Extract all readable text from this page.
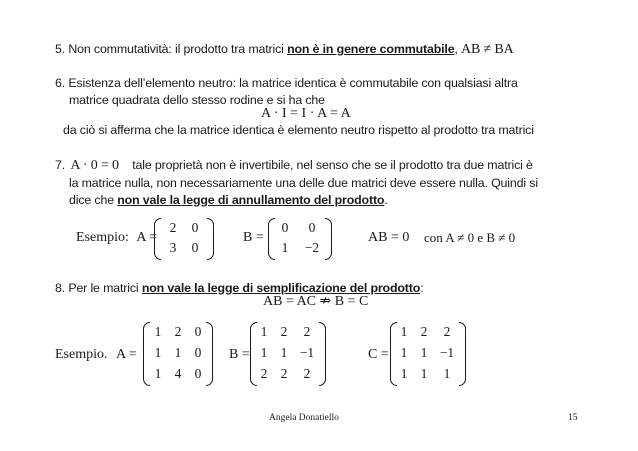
5. Non commutatività: il prodotto tra matrici non è in genere commutabile, AB ≠ BA
6. Esistenza dell’elemento neutro: la matrice identica è commutabile con qualsiasi altra
matrice quadrata dello stesso rodine e si ha che
A · I = I · A = A
da ciò si afferma che la matrice identica è elemento neutro rispetto al prodotto tra matrici
7. A · 0 = 0 tale proprietà non è invertibile, nel senso che se il prodotto tra due matrici è
la matrice nulla, non necessariamente una delle due matrici deve essere nulla. Quindi si
dice che non vale la legge di annullamento del prodotto.
Esempio: A =
2	0
3	0
B =
0	0
1	−2
AB = 0 con A ≠ 0 e B ≠ 0
8. Per le matrici non vale la legge di semplificazione del prodotto:
AB = AC ⇏ B = C
Esempio. A =
1 2 0
1 1 0
1 4 0
B =
1 2	2
1 1 −1
2 2	2
C =
1 2	2
1 1 −1
1 1	1
Angela Donatiello	15
